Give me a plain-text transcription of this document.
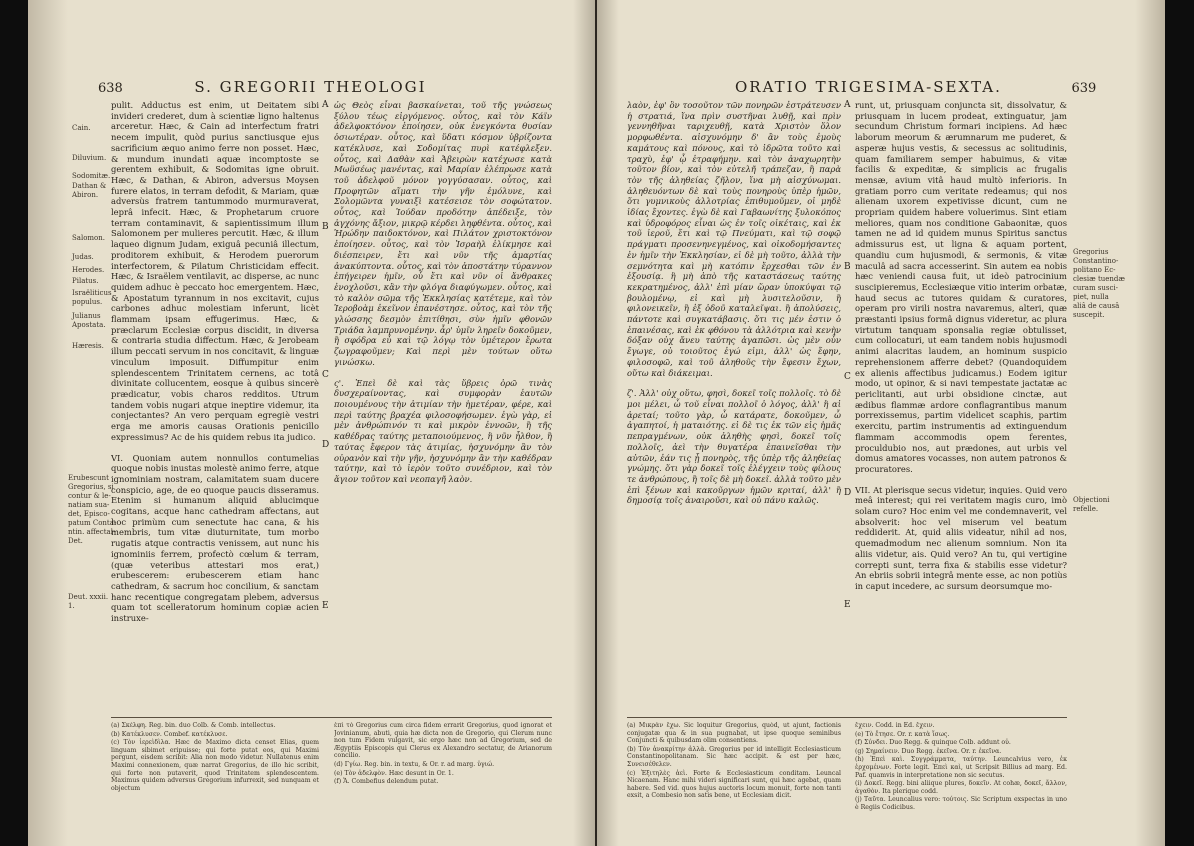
638	S. GREGORII THEOLOGI
Cain.
Diluvium.
Sodomitæ.
Dathan &
Abiron.
Salomon.
Judas.
Herodes.
Pilatus.
Israëliticus
populus.
Julianus
Apostata.
Hæresis.
Erubescunt
Gregorius, si
contur & le-
natiam sua-
det, Episco-
patum Conta-
ntin. affectal-
Det.
Deut. xxxii.
1.

pulit. Adductus est enim, ut Deitatem sibi invideri crederet, dum à scientiæ ligno haltenus arceretur. Hæc, & Cain ad interfectum fratri necem impulit, quòd purius sanctiusque ejus sacrificium æquo animo ferre non posset. Hæc, & mundum inundati aquæ incomptoste se gerentem exhibuit, & Sodomitas igne obruit. Hæc, & Dathan, & Abiron, adversus Moysen furere elatos, in terram defodit, & Mariam, quæ adversùs fratrem tantummodo murmuraverat, leprâ infecit. Hæc, & Prophetarum cruore terram contaminavit, & sapientissimum illum Salomonem per mulieres percutit. Hæc, & illum laqueo dignum Judam, exiguâ pecuniâ illectum, proditorem exhibuit, & Herodem puerorum interfectorem, & Pilatum Christicidam effecit. Hæc, & Israëlem ventilavit, ac disperse, ac nunc quidem adhuc è peccato hoc emergentem. Hæc, & Apostatum tyrannum in nos excitavit, cujus carbones adhuc molestiam inferunt, licèt flammam ipsam effugerimus. Hæc, & præclarum Ecclesiæ corpus discidit, in diversa & contraria studia diffectum. Hæc, & Jerobeam illum peccati servum in nos concitavit, & linguæ vinculum imposuit. Diffumpitur enim splendescentem Trinitatem cernens, ac totâ divinitate collucentem, eosque à quibus sincerè prædicatur, vobis charos redditos. Utrum tandem vobis nugari atque ineptire videmur, ita conjectantes? An vero perquam egregiè vestri erga me amoris causas Orationis penicillo expressimus? Ac de his quidem rebus ita judico.

VI. Quoniam autem nonnullos contumelias quoque nobis inustas molestè animo ferre, atque ignominiam nostram, calamitatem suam ducere conspicio, age, de eo quoque paucis disseramus. Etenim si humanum aliquid ablucimque cogitans, acque hanc cathedram affectans, aut hoc primùm cum senectute hac cana, & his membris, tum vitæ diuturnitate, tum morbo rugatis atque contractis venissem, aut nunc his ignominiis ferrem, profectò cœlum & terram, (quæ veteribus attestari mos erat,) erubescerem: erubescerem etiam hanc cathedram, & sacrum hoc concilium, & sanctam hanc recentique congregatam plebem, adversus quam tot scelleratorum hominum copiæ acien instruxe-

A
B
C
D
E

ὡς Θεὸς εἶναι βασκαίνεται, τοῦ τῆς γνώσεως ξύλου τέως εἰργόμενος. οὗτος, καὶ τὸν Κάϊν ἀδελφοκτόνον ἐποίησεν, οὐκ ἐνεγκόντα θυσίαν ὁσιωτέραν. οὗτος, καὶ ὕδατι κόσμον ὑβρίζοντα κατέκλυσε, καὶ Σοδομίτας πυρὶ κατέφλεξεν. οὗτος, καὶ Δαθὰν καὶ Ἀβειρὼν κατέχωσε κατὰ Μωϋσέως μανέντας, καὶ Μαρίαν ἐλέπρωσε κατὰ τοῦ ἀδελφοῦ μόνον γογγύσασαν. οὗτος, καὶ Προφητῶν αἵματι τὴν γῆν ἐμόλυνε, καὶ Σολομῶντα γυναιξὶ κατέσεισε τὸν σοφώτατον. οὗτος, καὶ Ἰούδαν προδότην ἀπέδειξε, τὸν ἀγχόνης ἄξιον, μικρῷ κέρδει ληφθέντα. οὗτος, καὶ Ἡρώδην παιδοκτόνον, καὶ Πιλάτον χριστοκτόνον ἐποίησεν. οὗτος, καὶ τὸν Ἰσραὴλ ἐλίκμησε καὶ διέσπειρεν, ἔτι καὶ νῦν τῆς ἁμαρτίας ἀνακύπτοντα. οὗτος, καὶ τὸν ἀποστάτην τύραννον ἐπήγειρεν ἡμῖν, οὗ ἔτι καὶ νῦν οἱ ἄνθρακες ἐνοχλοῦσι, κἂν τὴν φλόγα διαφύγωμεν. οὗτος, καὶ τὸ καλὸν σῶμα τῆς Ἐκκλησίας κατέτεμε, καὶ τὸν Ἱεροβοὰμ ἐκεῖνον ἐπανέστησε. οὗτος, καὶ τὸν τῆς γλώσσης δεσμὸν ἐπιτίθησι, σὺν ἡμῖν φθονῶν Τριάδα λαμπρυνομένην. ἆρ' ὑμῖν ληρεῖν δοκοῦμεν, ἢ σφόδρα εὖ καὶ τῷ λόγῳ τὸν ὑμέτερον ἔρωτα ζωγραφοῦμεν; Καὶ περὶ μὲν τούτων οὕτω γινώσκω.

ς'. Ἐπεὶ δὲ καὶ τὰς ὕβρεις ὁρῶ τινὰς δυσχεραίνοντας, καὶ συμφορὰν ἑαυτῶν ποιουμένους τὴν ἀτιμίαν τὴν ἡμετέραν, φέρε, καὶ περὶ ταύτης βραχέα φιλοσοφήσωμεν. ἐγὼ γὰρ, εἰ μὲν ἀνθρώπινόν τι καὶ μικρὸν ἐννοῶν, ἢ τῆς καθέδρας ταύτης μεταποιούμενος, ἢ νῦν ἦλθον, ἢ ταύτας ἔφερον τὰς ἀτιμίας, ἠσχυνόμην ἂν τὸν οὐρανὸν καὶ τὴν γῆν, ἠσχυνόμην ἂν τὴν καθέδραν ταύτην, καὶ τὸ ἱερὸν τοῦτο συνέδριον, καὶ τὸν ἅγιον τοῦτον καὶ νεοπαγῆ λαὸν.

(a) Σκέλφη. Reg. bin. duo Colb. & Comb. intellectus.
(b) Κατέκλυσεν. Combef. κατέκλυσε.
(c) Τὸν ἱερεὶδὶλα. Hæc de Maximo dicta censet Elias, quem linguam sibimet eripuisse; qui forte putat eos, qui Maximi pergunt, eisdem scribit: Alia non modo videtur. Nullatenus enim Maximi connexionem, quæ narrat Gregorius, de illo hic scribit, qui forte non putaverit, quod Trinitatem splendescentem. Maximus quidem adversus Gregorium infurrexit, sed nunquam et objectum
ἐπὶ τὸ Gregorius cum circa fidem errarit Gregorius, quod ignorat et Jovinianum, abuti, quia hæ dicta non de Gregorio, qui Clerum nunc non tum Fidem vulgavit, sic ergo hæc non ad Gregorium, sed de Ægyptiis Episcopis qui Clerus ex Alexandro sectatur, de Arianorum concilio.
(d) Γγίω. Reg. bin. in textu, & Or. r. ad marg. ὑγιώ.
(e) Τὸν ἀδελφὸν. Hæc desunt in Or. 1.
(f) Ἄ. Combefius delendum putat.
ORATIO TRIGESIMA-SEXTA.	639

λαὸν, ἐφ' ὃν τοσοῦτον τῶν πονηρῶν ἐστράτευσεν ἡ στρατιά, ἵνα πρὶν συστῆναι λυθῇ, καὶ πρὶν γεννηθῆναι ταριχευθῇ, κατὰ Χριστὸν ὅλον μορφωθέντα. αἰσχυνόμην δ' ἂν τοὺς ἐμοὺς καμάτους καὶ πόνους, καὶ τὸ ἱδρῶτα τοῦτο καὶ τραχὺ, ἐφ' ᾧ ἐτραφήμην. καὶ τὸν ἀναχωρητὴν τοῦτον βίον, καὶ τὸν εὐτελῆ τράπεζαν, ἢ παρὰ τὸν τῆς ἀληθείας ζῆλον, ἵνα μὴ αἰσχύνωμαι. ἀληθευόντων δὲ καὶ τοὺς πονηροὺς ὑπὲρ ἡμῶν, ὅτι γυμνικοὺς ἀλλοτρίας ἐπιθυμοῦμεν, οἱ μηδὲ ἰδίας ἔχοντες. ἐγὼ δὲ καὶ Γαβαωνίτης ξυλοκόπος καὶ ὑδροφόρος εἶναι ὡς ἐν τοῖς οἰκέταις, καὶ ἐκ τοῦ ἱεροῦ, ἔτι καὶ τῷ Πνεύματι, καὶ τῷ σοφῷ πράγματι προσενηνεγμένος, καὶ οἰκοδομήσαντες ἐν ἡμῖν τὴν Ἐκκλησίαν, εἰ δὲ μὴ τοῦτο, ἀλλὰ τὴν σεμνότητα καὶ μὴ κατόπιν ἔρχεσθαι τῶν ἐν ἐξουσίᾳ. ἢ μὴ ἀπὸ τῆς καταστάσεως ταύτης κεκρατημένος, ἀλλ' ἐπὶ μίαν ὥραν ὑποκύψαι τῷ βουλομένῳ, εἰ καὶ μὴ λυσιτελοῦσιν, ἢ φιλονεικεῖν, ἢ ἐξ ὁδοῦ καταλεῖψαι. ἢ ἀπολύσεις, πάντοτε καὶ συγκατάβασις. ὅτι τις μέν ἐστιν ὁ ἐπαινέσας, καὶ ἐκ φθόνου τὰ ἀλλότρια καὶ κενὴν δόξαν οὐχ ἄνευ ταύτης ἀγαπῶσι. ὡς μὲν οὖν ἔγωγε, οὐ τοιοῦτος ἐγώ εἰμι, ἀλλ' ὡς ἔφην, φιλοσοφῶ, καὶ τοῦ ἀληθοῦς τὴν ἔφεσιν ἔχων, οὕτω καὶ διάκειμαι.

ζ'. Ἀλλ' οὐχ οὕτω, φησὶ, δοκεῖ τοῖς πολλοῖς. τὸ δὲ μοι μέλει, ὦ τοῦ εἶναι πολλοῖ ὁ λόγος, ἀλλ' ἢ αἱ ἀρεταί; τοῦτο γὰρ, ὦ κατάρατε, δοκοῦμεν, ὦ ἀγαπητοί, ἡ ματαιότης. εἰ δὲ τις ἐκ τῶν εἰς ἡμᾶς πεπραγμένων, οὐκ ἀληθὴς φησὶ, δοκεῖ τοῖς πολλοῖς, ἀεὶ τὴν θυγατέρα ἐπαινεῖσθαι τὴν αὐτῶν, ἐάν τις ᾖ πονηρὸς, τῆς ὑπὲρ τῆς ἀληθείας γνώμης. ὅτι γὰρ δοκεῖ τοῖς ἐλέγχειν τοὺς φίλους τε ἀνθρώπους, ἢ τοῖς δὲ μὴ δοκεῖ. ἀλλὰ τοῦτο μὲν ἐπὶ ξένων καὶ κακοῦργων ἡμῶν κριταί, ἀλλ' ἢ δημοσίᾳ τοῖς ἀναιροῦσι, καὶ οὐ πάνυ καλῶς.

A
B
C
D
E

runt, ut, priusquam conjuncta sit, dissolvatur, & priusquam in lucem prodeat, extinguatur, jam secundum Christum formari incipiens. Ad hæc laborum meorum & ærumnarum me puderet, & asperæ hujus vestis, & secessus ac solitudinis, quam familiarem semper habuimus, & vitæ facilis & expeditæ, & simplicis ac frugalis mensæ, avium vitâ haud multò inferioris. In gratiam porro cum veritate redeamus; qui nos alienam uxorem expetivisse dicunt, cum ne propriam quidem habere voluerimus. Sint etiam meliores, quam nos conditione Gabaonitæ, quos tamen ne ad id quidem munus Spiritus sanctus admissurus est, ut ligna & aquam portent, quandiu cum hujusmodi, & sermonis, & vitæ maculâ ad sacra accesserint. Sin autem ea nobis hæc veniendi causa fuit, ut ideò patrocinium suscipieremus, Ecclesiæque vitio interim orbatæ, haud secus ac tutores quidam & curatores, operam pro virili nostra navaremus, alteri, quæ præstanti ipsius formâ dignus videretur, ac plura virtutum tanquam sponsalia regiæ obtulisset, cum collocaturi, ut eam tandem nobis hujusmodi animi alacritas laudem, an hominum suspicio reprehensionem afferre debet? (Quandoquidem ex alienis affectibus judicamus.) Eodem igitur modo, ut opinor, & si navi tempestate jactatæ ac periclitanti, aut urbi obsidione cinctæ, aut ædibus flammæ ardore conflagrantibus manum porrexissemus, partim videlicet scaphis, partim exercitu, partim instrumentis ad extinguendum flammam accommodis opem ferentes, proculdubio nos, aut prædones, aut urbis vel domus amatores vocasses, non autem patronos & procuratores.

VII. At plerisque secus videtur, inquies. Quid vero meâ interest; qui rei veritatem magis curo, imò solam curo? Hoc enim vel me condemnaverit, vel absolverit: hoc vel miserum vel beatum reddiderit. At, quid aliis videatur, nihil ad nos, quemadmodum nec alienum somnium. Non ita aliis videtur, ais. Quid vero? An tu, qui vertigine correpti sunt, terra fixa & stabilis esse videtur? An ebriis sobrii integrâ mente esse, ac non potiùs in caput incedere, ac sursum deorsumque mo-

Gregorius
Constantino-
politano Ec-
clesiæ tuendæ
curam susci-
piet, nulla
aliâ de causâ
suscepit.
Objectioni
refelle.
(a) Μικρὰν ἔχω. Sic loquitur Gregorius, quòd, ut ajunt, factionis conjugatæ qua & in sua pugnabat, ut ipse quoque seminibus Conjuncti & quibusdam olim consentiens.
(b) Τὸν ἀνακρίτην ἀλλὰ. Gregorius per id intelligit Ecclesiasticum Constantinopolitanam. Sic hæc accipit. & est per hæc, Συνεισέθελεν.
(c) Ἐξιτηλὲς ἀεὶ. Forte & Ecclesiasticum conditam. Leuncal Nicaenam. Hanc mihi videri significari sunt, qui hæc agebat, quam habere. Sed vid. quos hujus auctoris locum monuit, forte non tanti exsit, a Combesio non satis bene, ut Ecclesiam dicit.
ἔχειν. Codd. in Ed. ἔχειν.
(e) Τὸ ἔτησε. Or. r. κατὰ ἴσως.
(f) Σύνδει. Duo Regg. & quinque Colb. addunt οὐ.
(g) Σημαίνειν. Duo Regg. ἐκεῖνα. Or. r. ἐκεῖνα.
(h) Ἐπεὶ καὶ. Συγγράμματα, ταύτην. Leuncalvius vero, ἐκ ἐρχομένων. Forte legit. Ἐπεὶ καὶ, ut Scripsit Billius ad marg. Ed. Paf. quamvis in interpretatione non sic secutus.
(i) Δοκεῖ. Regg. bini aliique plures, δοκεῖν. At cohæ, δοκεῖ, ἄλλον, ἀγαθὸν. Ita plerique codd.
(j) Ταῦτα. Leuncalius vero: τούτοις. Sic Scriptum exspectas in uno è Regiis Codicibus.
